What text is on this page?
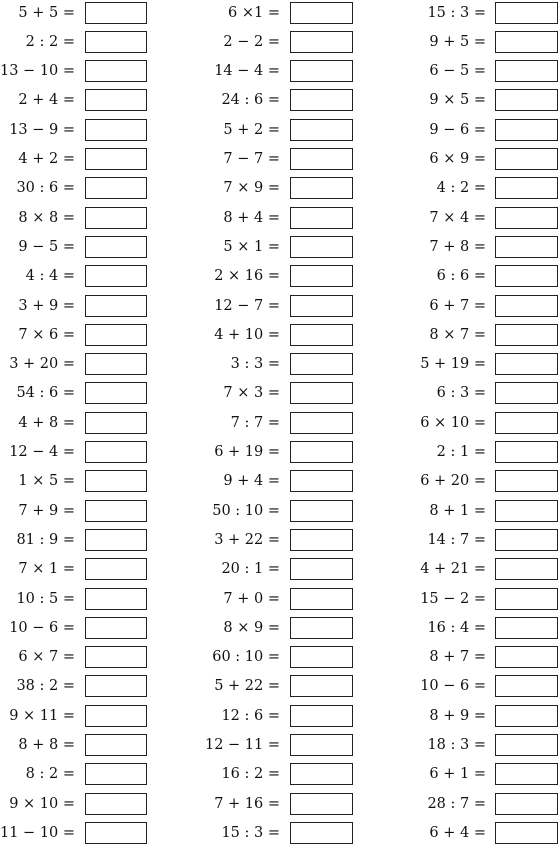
5 + 5 =
2 : 2 =
13 − 10 =
2 + 4 =
13 − 9 =
4 + 2 =
30 : 6 =
8 × 8 =
9 − 5 =
4 : 4 =
3 + 9 =
7 × 6 =
3 + 20 =
54 : 6 =
4 + 8 =
12 − 4 =
1 × 5 =
7 + 9 =
81 : 9 =
7 × 1 =
10 : 5 =
10 − 6 =
6 × 7 =
38 : 2 =
9 × 11 =
8 + 8 =
8 : 2 =
9 × 10 =
11 − 10 =
6 ×1 =
2 − 2 =
14 − 4 =
24 : 6 =
5 + 2 =
7 − 7 =
7 × 9 =
8 + 4 =
5 × 1 =
2 × 16 =
12 − 7 =
4 + 10 =
3 : 3 =
7 × 3 =
7 : 7 =
6 + 19 =
9 + 4 =
50 : 10 =
3 + 22 =
20 : 1 =
7 + 0 =
8 × 9 =
60 : 10 =
5 + 22 =
12 : 6 =
12 − 11 =
16 : 2 =
7 + 16 =
15 : 3 =
15 : 3 =
9 + 5 =
6 − 5 =
9 × 5 =
9 − 6 =
6 × 9 =
4 : 2 =
7 × 4 =
7 + 8 =
6 : 6 =
6 + 7 =
8 × 7 =
5 + 19 =
6 : 3 =
6 × 10 =
2 : 1 =
6 + 20 =
8 + 1 =
14 : 7 =
4 + 21 =
15 − 2 =
16 : 4 =
8 + 7 =
10 − 6 =
8 + 9 =
18 : 3 =
6 + 1 =
28 : 7 =
6 + 4 =
